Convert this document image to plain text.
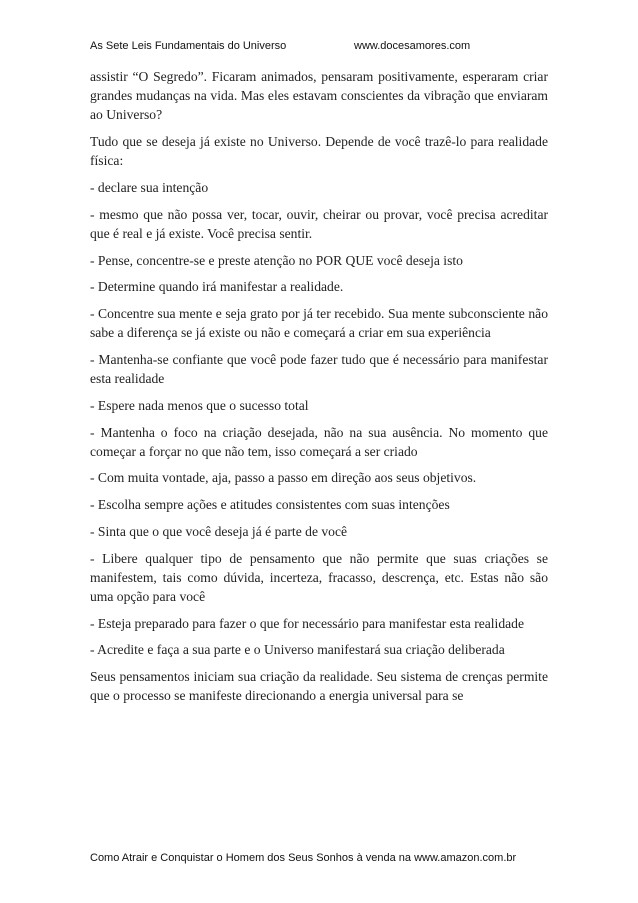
As Sete Leis Fundamentais do Universo	www.docesamores.com

assistir “O Segredo”. Ficaram animados, pensaram positivamente, esperaram criar grandes mudanças na vida. Mas eles estavam conscientes da vibração que enviaram ao Universo?

Tudo que se deseja já existe no Universo. Depende de você trazê-lo para realidade física:

- declare sua intenção

- mesmo que não possa ver, tocar, ouvir, cheirar ou provar, você precisa acreditar que é real e já existe. Você precisa sentir.

- Pense, concentre-se e preste atenção no POR QUE você deseja isto

- Determine quando irá manifestar a realidade.

- Concentre sua mente e seja grato por já ter recebido. Sua mente subconsciente não sabe a diferença se já existe ou não e começará a criar em sua experiência

- Mantenha-se confiante que você pode fazer tudo que é necessário para manifestar esta realidade

- Espere nada menos que o sucesso total

- Mantenha o foco na criação desejada, não na sua ausência. No momento que começar a forçar no que não tem, isso começará a ser criado

- Com muita vontade, aja, passo a passo em direção aos seus objetivos.

- Escolha sempre ações e atitudes consistentes com suas intenções

- Sinta que o que você deseja já é parte de você

- Libere qualquer tipo de pensamento que não permite que suas criações se manifestem, tais como dúvida, incerteza, fracasso, descrença, etc. Estas não são uma opção para você

- Esteja preparado para fazer o que for necessário para manifestar esta realidade

- Acredite e faça a sua parte e o Universo manifestará sua criação deliberada

Seus pensamentos iniciam sua criação da realidade. Seu sistema de crenças permite que o processo se manifeste direcionando a energia universal para se

Como Atrair e Conquistar o Homem dos Seus Sonhos à venda na www.amazon.com.br
